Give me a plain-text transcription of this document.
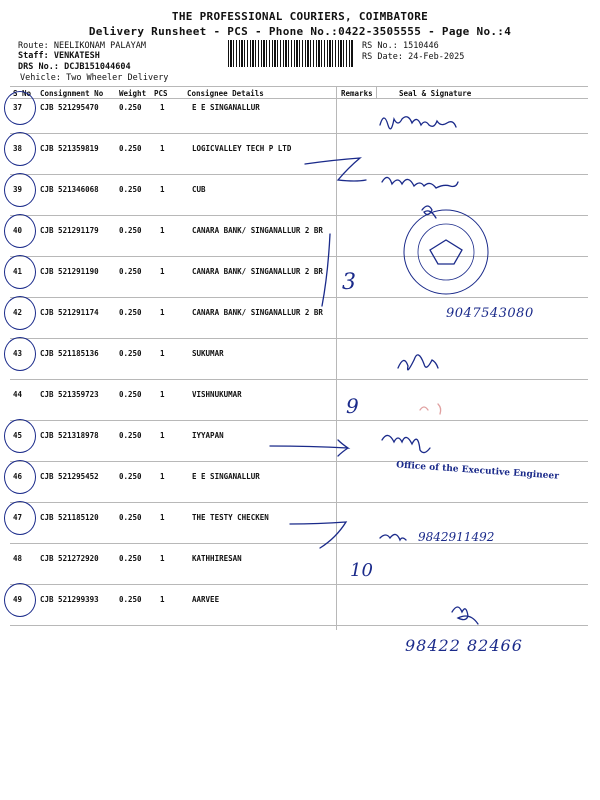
THE PROFESSIONAL COURIERS, COIMBATORE
Delivery Runsheet - PCS - Phone No.:0422-3505555 - Page No.:4
Route: NEELIKONAM PALAYAM
Staff: VENKATESH
DRS No.: DCJB151044604
Vehicle: Two Wheeler Delivery
RS No.: 1510446
RS Date: 24-Feb-2025
S No Consignment No Weight PCS	Consignee Details	Remarks	Seal & Signature
37 CJB 521295470	0.250 1	E E SINGANALLUR
38 CJB 521359819	0.250 1	LOGICVALLEY TECH P LTD
39 CJB 521346068	0.250 1	CUB
40 CJB 521291179	0.250 1	CANARA BANK/ SINGANALLUR 2 BR
41 CJB 521291190	0.250 1	CANARA BANK/ SINGANALLUR 2 BR
42 CJB 521291174	0.250 1	CANARA BANK/ SINGANALLUR 2 BR
43 CJB 521185136	0.250 1	SUKUMAR
44 CJB 521359723	0.250 1	VISHNUKUMAR
45 CJB 521318978	0.250 1	IYYAPAN
46 CJB 521295452	0.250 1	E E SINGANALLUR
47 CJB 521185120	0.250 1	THE TESTY CHECKEN
48 CJB 521272920	0.250 1	KATHHIRESAN
49 CJB 521299393	0.250 1	AARVEE
3
9047543080
9
Office of the Executive Engineer
9842911492
10
98422 82466
